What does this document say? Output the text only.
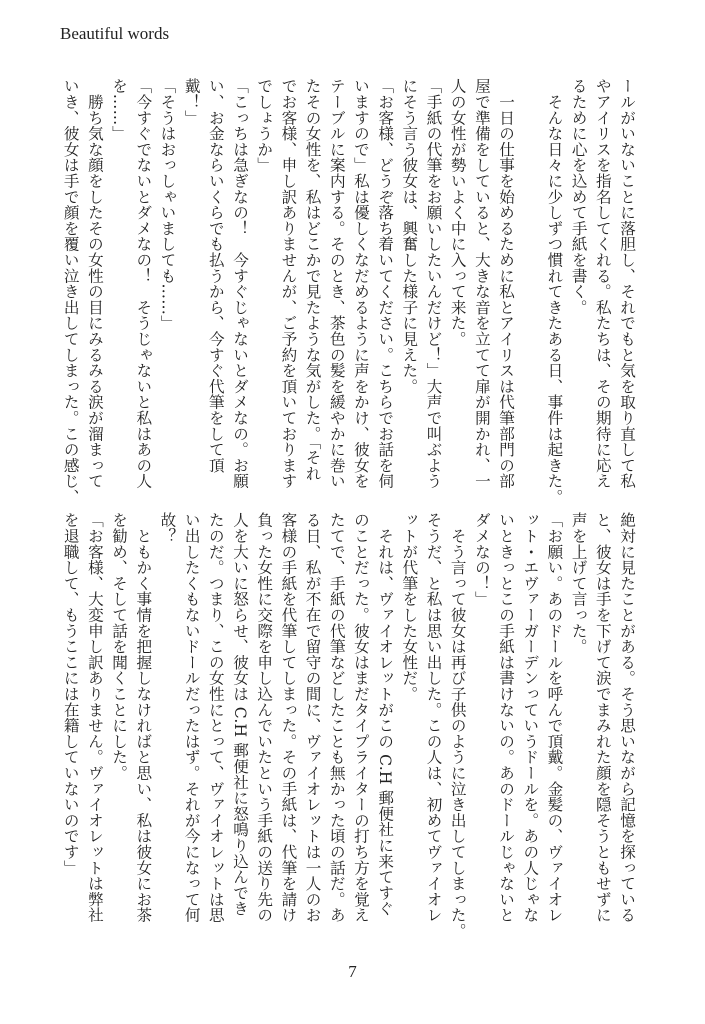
Beautiful words
ールがいないことに落胆し、それでもと気を取り直して私
やアイリスを指名してくれる。私たちは、その期待に応え
るために心を込めて手紙を書く。
　そんな日々に少しずつ慣れてきたある日、事件は起きた。
　一日の仕事を始めるために私とアイリスは代筆部門の部
屋で準備をしていると、大きな音を立てて扉が開かれ、一
人の女性が勢いよく中に入って来た。
「手紙の代筆をお願いしたいんだけど！」大声で叫ぶよう
にそう言う彼女は、興奮した様子に見えた。
「お客様、どうぞ落ち着いてください。こちらでお話を伺
いますので」私は優しくなだめるように声をかけ、彼女を
テーブルに案内する。そのとき、茶色の髪を緩やかに巻い
たその女性を、私はどこかで見たような気がした。「それ
でお客様、申し訳ありませんが、ご予約を頂いております
でしょうか」
「こっちは急ぎなの！　今すぐじゃないとダメなの。お願
い、お金ならいくらでも払うから、今すぐ代筆をして頂
戴！」
「そうはおっしゃいましても……」
「今すぐでないとダメなの！　そうじゃないと私はあの人
を……」
　勝ち気な顔をしたその女性の目にみるみる涙が溜まって
いき、彼女は手で顔を覆い泣き出してしまった。この感じ、
絶対に見たことがある。そう思いながら記憶を探っている
と、彼女は手を下げて涙でまみれた顔を隠そうともせずに
声を上げて言った。
「お願い。あのドールを呼んで頂戴。金髪の、ヴァイオレ
ット・エヴァーガーデンっていうドールを。あの人じゃな
いときっとこの手紙は書けないの。あのドールじゃないと
ダメなの！」
　そう言って彼女は再び子供のように泣き出してしまった。
そうだ、と私は思い出した。この人は、初めてヴァイオレ
ットが代筆をした女性だ。
　それは、ヴァイオレットがこの C.H 郵便社に来てすぐ
のことだった。彼女はまだタイプライターの打ち方を覚え
たてで、手紙の代筆などしたことも無かった頃の話だ。あ
る日、私が不在で留守の間に、ヴァイオレットは一人のお
客様の手紙を代筆してしまった。その手紙は、代筆を請け
負った女性に交際を申し込んでいたという手紙の送り先の
人を大いに怒らせ、彼女は C.H 郵便社に怒鳴り込んでき
たのだ。つまり、この女性にとって、ヴァイオレットは思
い出したくもないドールだったはず。それが今になって何
故？
　ともかく事情を把握しなければと思い、私は彼女にお茶
を勧め、そして話を聞くことにした。
「お客様、大変申し訳ありません。ヴァイオレットは弊社
を退職して、もうここには在籍していないのです」
7
